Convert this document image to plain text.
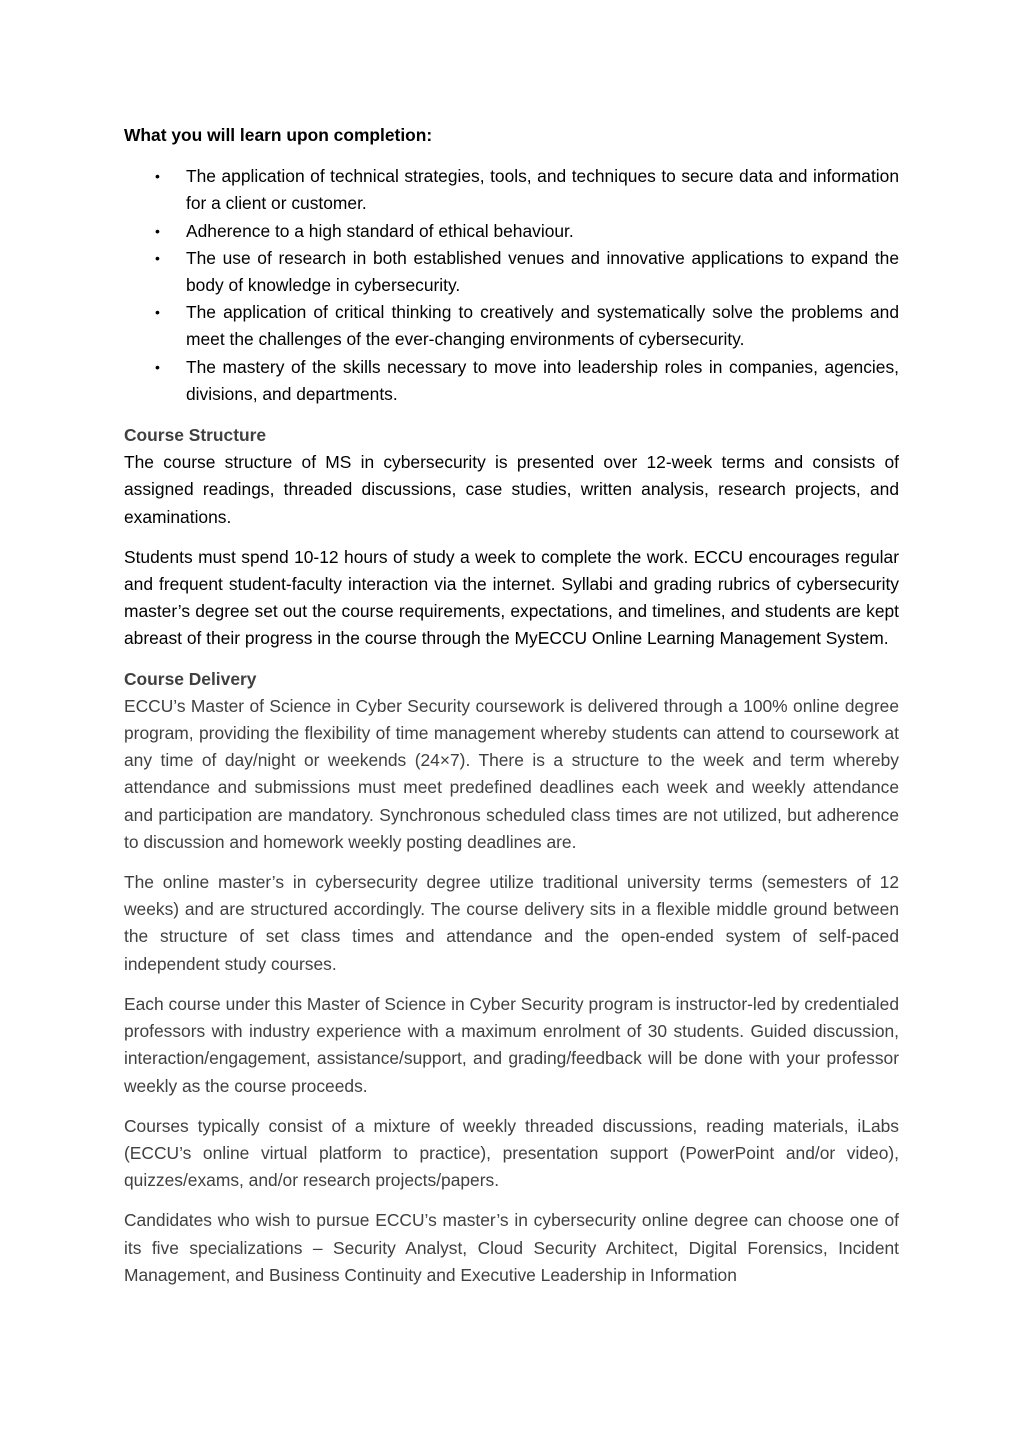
What you will learn upon completion:
• The application of technical strategies, tools, and techniques to secure data and information for a client or customer.
• Adherence to a high standard of ethical behaviour.
• The use of research in both established venues and innovative applications to expand the body of knowledge in cybersecurity.
• The application of critical thinking to creatively and systematically solve the problems and meet the challenges of the ever-changing environments of cybersecurity.
• The mastery of the skills necessary to move into leadership roles in companies, agencies, divisions, and departments.
Course Structure

The course structure of MS in cybersecurity is presented over 12-week terms and consists of assigned readings, threaded discussions, case studies, written analysis, research projects, and examinations.

Students must spend 10-12 hours of study a week to complete the work. ECCU encourages regular and frequent student-faculty interaction via the internet. Syllabi and grading rubrics of cybersecurity master’s degree set out the course requirements, expectations, and timelines, and students are kept abreast of their progress in the course through the MyECCU Online Learning Management System.

Course Delivery

ECCU’s Master of Science in Cyber Security coursework is delivered through a 100% online degree program, providing the flexibility of time management whereby students can attend to coursework at any time of day/night or weekends (24×7). There is a structure to the week and term whereby attendance and submissions must meet predefined deadlines each week and weekly attendance and participation are mandatory. Synchronous scheduled class times are not utilized, but adherence to discussion and homework weekly posting deadlines are.

The online master’s in cybersecurity degree utilize traditional university terms (semesters of 12 weeks) and are structured accordingly. The course delivery sits in a flexible middle ground between the structure of set class times and attendance and the open-ended system of self-paced independent study courses.

Each course under this Master of Science in Cyber Security program is instructor-led by credentialed professors with industry experience with a maximum enrolment of 30 students. Guided discussion, interaction/engagement, assistance/support, and grading/feedback will be done with your professor weekly as the course proceeds.

Courses typically consist of a mixture of weekly threaded discussions, reading materials, iLabs (ECCU’s online virtual platform to practice), presentation support (PowerPoint and/or video), quizzes/exams, and/or research projects/papers.

Candidates who wish to pursue ECCU’s master’s in cybersecurity online degree can choose one of its five specializations – Security Analyst, Cloud Security Architect, Digital Forensics, Incident Management, and Business Continuity and Executive Leadership in Information
